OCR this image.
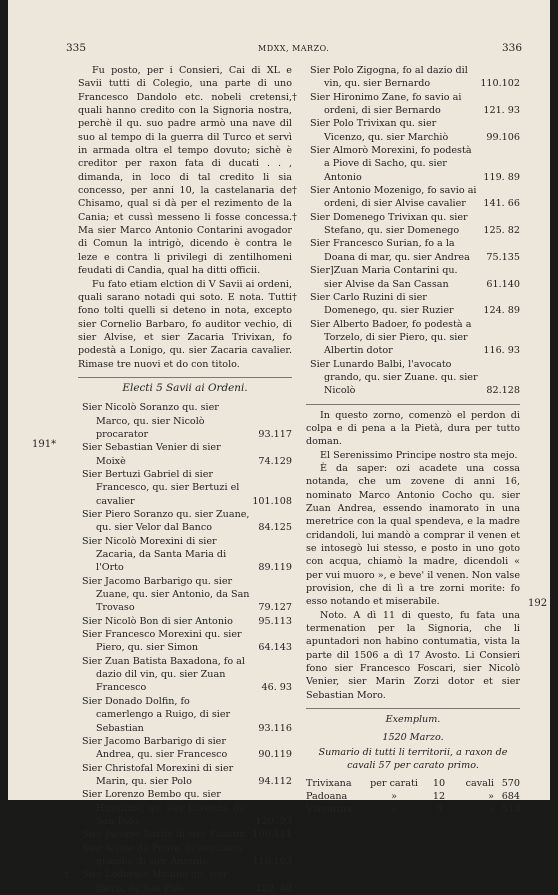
335	MDXX, MARZO.	336

Fu posto, per i Consieri, Cai di XL e Savii tutti di Colegio, una parte di uno Francesco Dandolo etc. nobeli cretensi, quali hanno credito con la Signoria nostra, perchè il qu. suo padre armò una nave dil suo al tempo di la guerra dil Turco et servì in armada oltra el tempo dovuto; sichè è creditor per raxon fata di ducati . . , dimanda, in loco di tal credito li sia concesso, per anni 10, la castelanaria de Chisamo, qual si dà per el rezimento de la Cania; et cussì messeno li fosse concessa. Ma sier Marco Antonio Contarini avogador di Comun la intrigò, dicendo è contra le leze e contra li privilegi di zentilhomeni feudati di Candia, qual ha ditti officii.

Fu fato etiam elction di V Savii ai ordeni, quali sarano notadi qui soto. E nota. Tutti fono tolti quelli si deteno in nota, excepto sier Cornelio Barbaro, fo auditor vechio, di sier Alvise, et sier Zacaria Trivixan, fo podestà a Lonigo, qu. sier Zacaria cavalier. Rimase tre nuovi et do con titolo.

Electi 5 Savii ai Ordeni.

Sier Nicolò Soranzo qu. sier Marco, qu. sier Nicolò procarator	93.117
Sier Sebastian Venier di sier Moixè	74.129
Sier Bertuzi Gabriel di sier Francesco, qu. sier Bertuzi el cavalier	101.108
Sier Piero Soranzo qu. sier Zuane, qu. sier Velor dal Banco	84.125
Sier Nicolò Morexini di sier Zacaria, da Santa Maria di l'Orto	89.119
Sier Jacomo Barbarigo qu. sier Zuane, qu. sier Antonio, da San Trovaso	79.127
Sier Nicolò Bon di sier Antonio	95.113
Sier Francesco Morexini qu. sier Piero, qu. sier Simon	64.143
Sier Zuan Batista Baxadona, fo al dazio dil vin, qu. sier Zuan Francesco	46. 93
Sier Donado Dolfin, fo camerlengo a Ruigo, di sier Sebastian	93.116
Sier Jacomo Barbarigo di sier Andrea, qu. sier Francesco	90.119
Sier Christofal Morexini di sier Marin, qu. sier Polo	94.112
Sier Lorenzo Bembo qu. sier Hironimo, qu. sier Lorenzo, da San Polo	120. 93
Sier Jacomo Barbo di sier Faustin 100.111
Sier Alvise da Ponte, fo avochato grando, di sier Antonio	110.103
† Sier Lodovico Michiel qu. sier Piero, da San Polo	129. 80
191*
Sier Polo Zigogna, fo al dazio dil vin, qu. sier Bernardo	110.102
† Sier Hironimo Zane, fo savio ai ordeni, di sier Bernardo	121. 93
Sier Polo Trivixan qu. sier Vicenzo, qu. sier Marchiò	99.106
Sier Almorò Morexini, fo podestà a Piove di Sacho, qu. sier Antonio	119. 89
† Sier Antonio Mozenigo, fo savio ai ordeni, di sier Alvise cavalier	141. 66
† Sier Domenego Trivixan qu. sier Stefano, qu. sier Domenego	125. 82
Sier Francesco Surian, fo a la Doana di mar, qu. sier Andrea	75.135
Sier]Zuan Maria Contarini qu. sier Alvise da San Cassan	61.140
† Sier Carlo Ruzini di sier Domenego, qu. sier Ruzier	124. 89
Sier Alberto Badoer, fo podestà a Torzelo, di sier Piero, qu. sier Albertin dotor	116. 93
Sier Lunardo Balbi, l'avocato grando, qu. sier Zuane. qu. sier Nicolò	82.128

In questo zorno, comenzò el perdon di colpa e di pena a la Pietà, dura per tutto doman.

El Serenissimo Principe nostro sta mejo.

È da saper: ozi acadete una cossa notanda, che um zovene di anni 16, nominato Marco Antonio Cocho qu. sier Zuan Andrea, essendo inamorato in una meretrice con la qual spendeva, e la madre cridandoli, lui mandò a comprar il venen et se intosegò lui stesso, e posto in uno goto con acqua, chiamò la madre, dicendoli « per vui muoro », e beve' il venen. Non valse provision, che di lì a tre zorni morite: fo esso notando et miserabile.

Noto. A dì 11 di questo, fu fata una termenation per la Signoria, che li apuntadori non habino contumatia, vista la parte dil 1506 a dì 17 Avosto. Li Consieri fono sier Francesco Foscari, sier Nicolò Venier, sier Marin Zorzi dotor et sier Sebastian Moro.

Exemplum.

1520 Marzo.

Sumario di tutti li territorii, a raxon de cavali 57 per carato primo.

Trivixana	per carati	10	cavali	570
Padoana	»	12	»	684
Vixentina	»	9	»	513
192
